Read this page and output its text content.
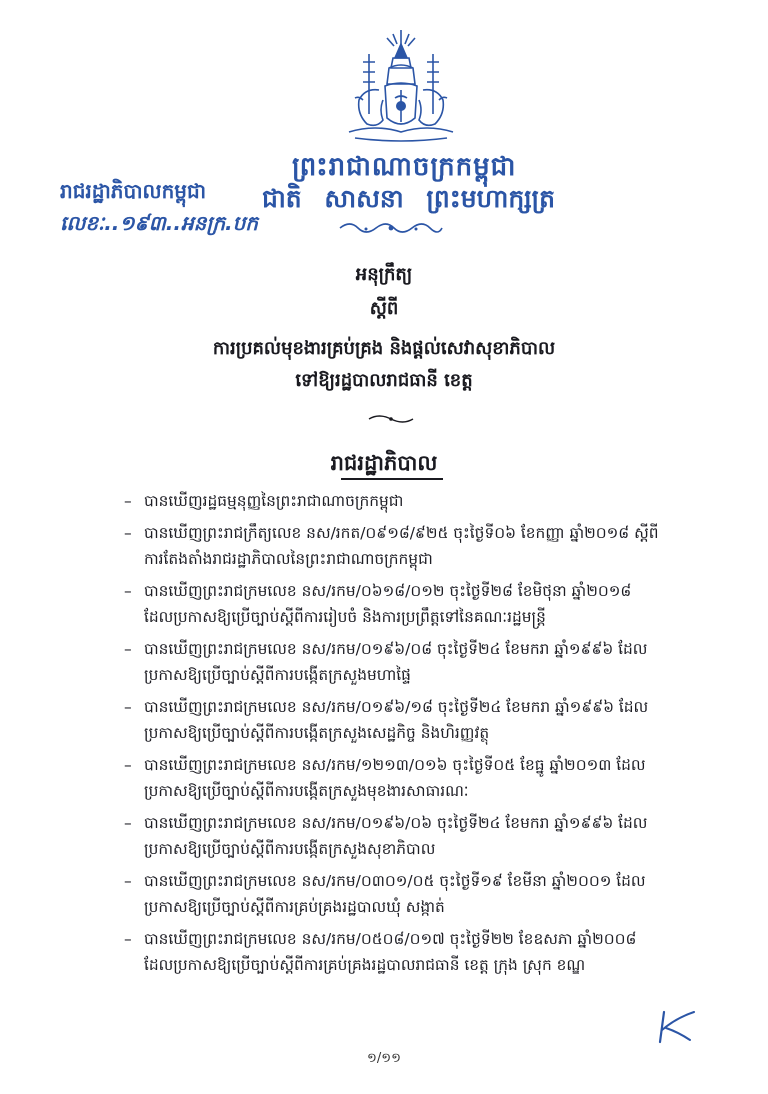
ព្រះរាជាណាចក្រកម្ពុជា
ជាតិ សាសនា ព្រះមហាក្សត្រ
រាជរដ្ឋាភិបាលកម្ពុជា
លេខៈ..១៩៣..អនក្រ.បក
អនុក្រឹត្យ
ស្តីពី
ការប្រគល់មុខងារគ្រប់គ្រង និងផ្តល់សេវាសុខាភិបាល
ទៅឱ្យរដ្ឋបាលរាជធានី ខេត្ត
រាជរដ្ឋាភិបាល
– បានឃើញរដ្ឋធម្មនុញ្ញនៃព្រះរាជាណាចក្រកម្ពុជា
– បានឃើញព្រះរាជក្រឹត្យលេខ នស/រកត/០៩១៨/៩២៥ ចុះថ្ងៃទី០៦ ខែកញ្ញា ឆ្នាំ២០១៨ ស្តីពី
ការតែងតាំងរាជរដ្ឋាភិបាលនៃព្រះរាជាណាចក្រកម្ពុជា
– បានឃើញព្រះរាជក្រមលេខ នស/រកម/០៦១៨/០១២ ចុះថ្ងៃទី២៨ ខែមិថុនា ឆ្នាំ២០១៨
ដែលប្រកាសឱ្យប្រើច្បាប់ស្តីពីការរៀបចំ និងការប្រព្រឹត្តទៅនៃគណៈរដ្ឋមន្ត្រី
– បានឃើញព្រះរាជក្រមលេខ នស/រកម/០១៩៦/០៨ ចុះថ្ងៃទី២៤ ខែមករា ឆ្នាំ១៩៩៦ ដែល
ប្រកាសឱ្យប្រើច្បាប់ស្តីពីការបង្កើតក្រសួងមហាផ្ទៃ
– បានឃើញព្រះរាជក្រមលេខ នស/រកម/០១៩៦/១៨ ចុះថ្ងៃទី២៤ ខែមករា ឆ្នាំ១៩៩៦ ដែល
ប្រកាសឱ្យប្រើច្បាប់ស្តីពីការបង្កើតក្រសួងសេដ្ឋកិច្ច និងហិរញ្ញវត្ថុ
– បានឃើញព្រះរាជក្រមលេខ នស/រកម/១២១៣/០១៦ ចុះថ្ងៃទី០៥ ខែធ្នូ ឆ្នាំ២០១៣ ដែល
ប្រកាសឱ្យប្រើច្បាប់ស្តីពីការបង្កើតក្រសួងមុខងារសាធារណៈ
– បានឃើញព្រះរាជក្រមលេខ នស/រកម/០១៩៦/០៦ ចុះថ្ងៃទី២៤ ខែមករា ឆ្នាំ១៩៩៦ ដែល
ប្រកាសឱ្យប្រើច្បាប់ស្តីពីការបង្កើតក្រសួងសុខាភិបាល
– បានឃើញព្រះរាជក្រមលេខ នស/រកម/០៣០១/០៥ ចុះថ្ងៃទី១៩ ខែមីនា ឆ្នាំ២០០១ ដែល
ប្រកាសឱ្យប្រើច្បាប់ស្តីពីការគ្រប់គ្រងរដ្ឋបាលឃុំ សង្កាត់
– បានឃើញព្រះរាជក្រមលេខ នស/រកម/០៥០៨/០១៧ ចុះថ្ងៃទី២២ ខែឧសភា ឆ្នាំ២០០៨
ដែលប្រកាសឱ្យប្រើច្បាប់ស្តីពីការគ្រប់គ្រងរដ្ឋបាលរាជធានី ខេត្ត ក្រុង ស្រុក ខណ្ឌ
១/១១
